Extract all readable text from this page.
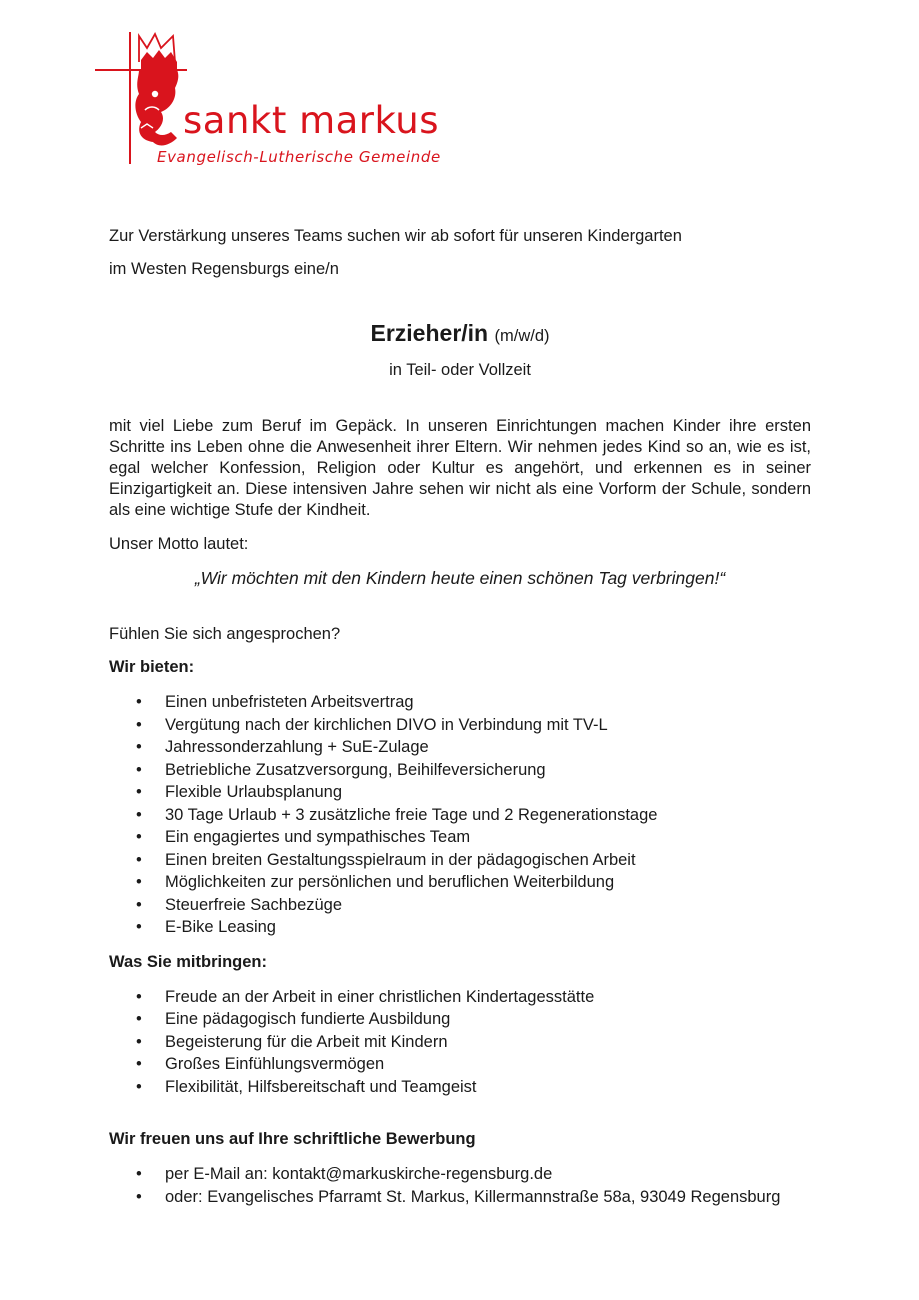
sankt markus
Evangelisch-Lutherische Gemeinde

Zur Verstärkung unseres Teams suchen wir ab sofort für unseren Kindergarten

im Westen Regensburgs eine/n

Erzieher/in (m/w/d)

in Teil- oder Vollzeit

mit viel Liebe zum Beruf im Gepäck. In unseren Einrichtungen machen Kinder ihre ersten Schritte ins Leben ohne die Anwesenheit ihrer Eltern. Wir nehmen jedes Kind so an, wie es ist, egal welcher Konfession, Religion oder Kultur es angehört, und erkennen es in seiner Einzigartigkeit an. Diese intensiven Jahre sehen wir nicht als eine Vorform der Schule, sondern als eine wichtige Stufe der Kindheit.

Unser Motto lautet:

„Wir möchten mit den Kindern heute einen schönen Tag verbringen!“

Fühlen Sie sich angesprochen?

Wir bieten:

• Einen unbefristeten Arbeitsvertrag
• Vergütung nach der kirchlichen DIVO in Verbindung mit TV-L
• Jahressonderzahlung + SuE-Zulage
• Betriebliche Zusatzversorgung, Beihilfeversicherung
• Flexible Urlaubsplanung
• 30 Tage Urlaub + 3 zusätzliche freie Tage und 2 Regenerationstage
• Ein engagiertes und sympathisches Team
• Einen breiten Gestaltungsspielraum in der pädagogischen Arbeit
• Möglichkeiten zur persönlichen und beruflichen Weiterbildung
• Steuerfreie Sachbezüge
• E-Bike Leasing

Was Sie mitbringen:

• Freude an der Arbeit in einer christlichen Kindertagesstätte
• Eine pädagogisch fundierte Ausbildung
• Begeisterung für die Arbeit mit Kindern
• Großes Einfühlungsvermögen
• Flexibilität, Hilfsbereitschaft und Teamgeist

Wir freuen uns auf Ihre schriftliche Bewerbung

• per E-Mail an: kontakt@markuskirche-regensburg.de
• oder: Evangelisches Pfarramt St. Markus, Killermannstraße 58a, 93049 Regensburg
